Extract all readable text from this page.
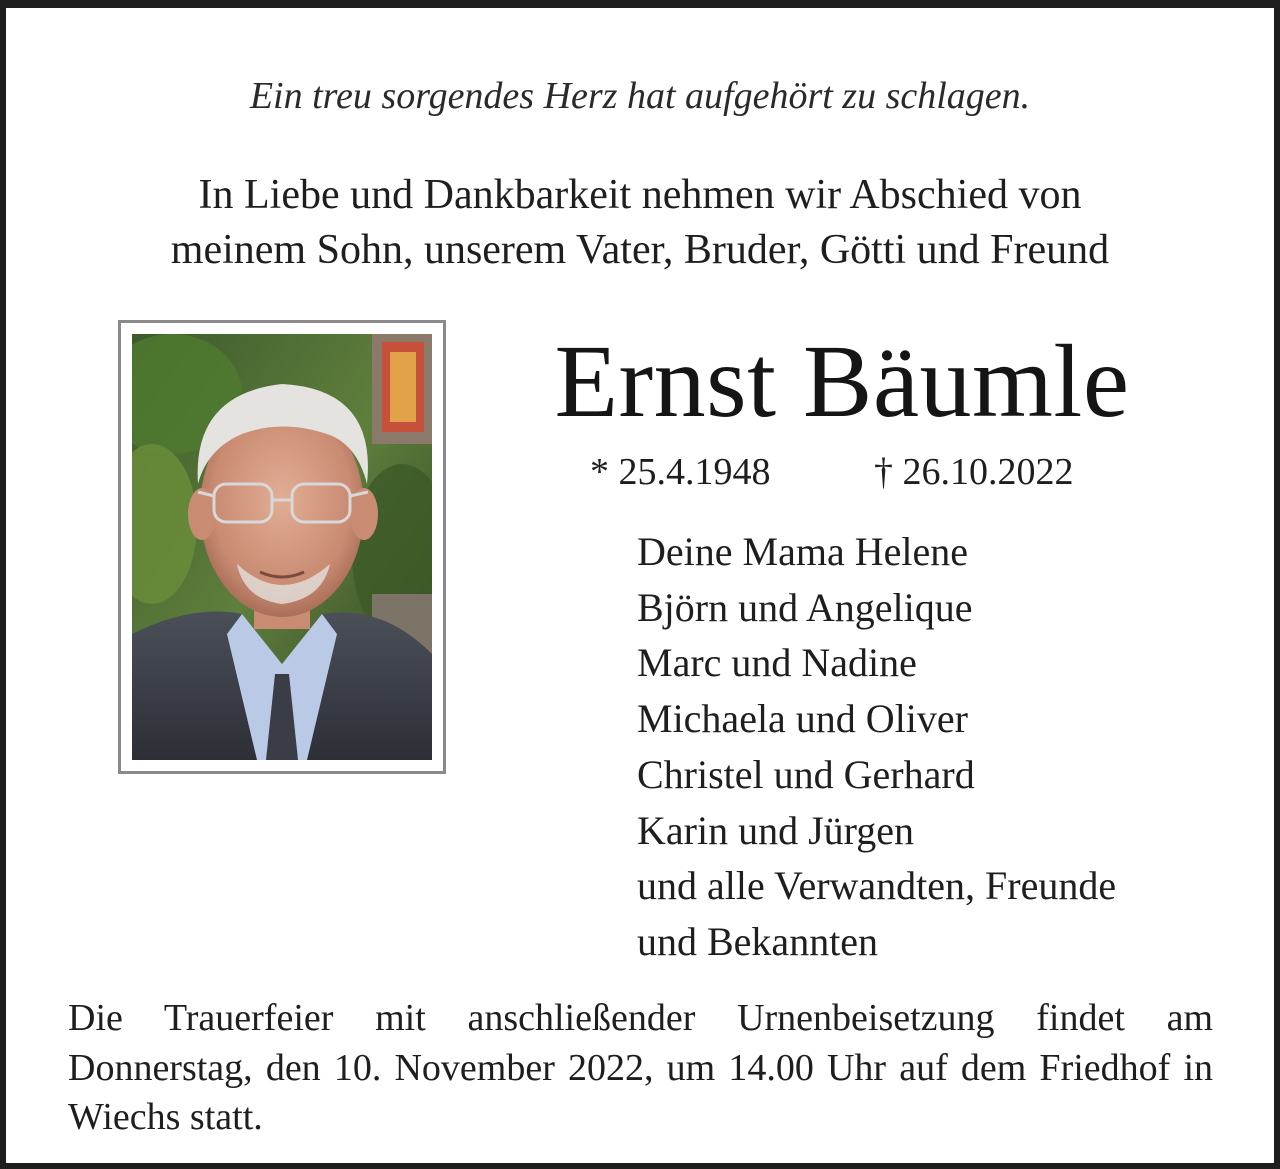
Ein treu sorgendes Herz hat aufgehört zu schlagen.
In Liebe und Dankbarkeit nehmen wir Abschied von
meinem Sohn, unserem Vater, Bruder, Götti und Freund
Ernst Bäumle
* 25.4.1948	† 26.10.2022
Deine Mama Helene
Björn und Angelique
Marc und Nadine
Michaela und Oliver
Christel und Gerhard
Karin und Jürgen
und alle Verwandten, Freunde
und Bekannten
Die Trauerfeier mit anschließender Urnenbeisetzung findet am Donnerstag, den 10. November 2022, um 14.00 Uhr auf dem Friedhof in Wiechs statt.
